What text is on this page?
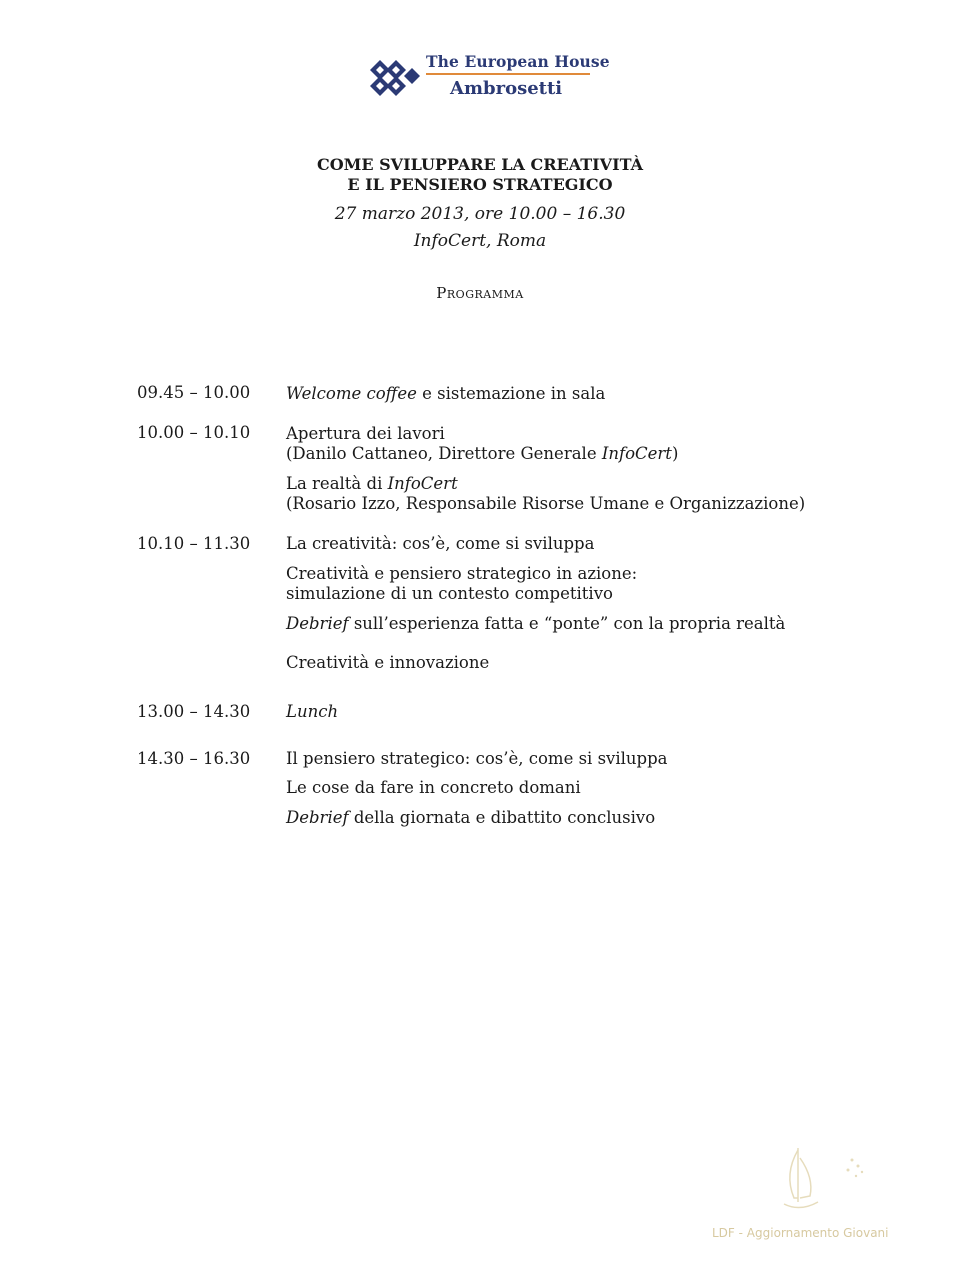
The European House
Ambrosetti
COME SVILUPPARE LA CREATIVITÀ
E IL PENSIERO STRATEGICO
27 marzo 2013, ore 10.00 – 16.30
InfoCert, Roma
Programma
09.45 – 10.00 Welcome coffee e sistemazione in sala
10.00 – 10.10 Apertura dei lavori
(Danilo Cattaneo, Direttore Generale InfoCert)
La realtà di InfoCert
(Rosario Izzo, Responsabile Risorse Umane e Organizzazione)
10.10 – 11.30 La creatività: cos’è, come si sviluppa
Creatività e pensiero strategico in azione:
simulazione di un contesto competitivo
Debrief sull’esperienza fatta e “ponte” con la propria realtà
Creatività e innovazione
13.00 – 14.30 Lunch
14.30 – 16.30 Il pensiero strategico: cos’è, come si sviluppa
Le cose da fare in concreto domani
Debrief della giornata e dibattito conclusivo
LDF - Aggiornamento Giovani
